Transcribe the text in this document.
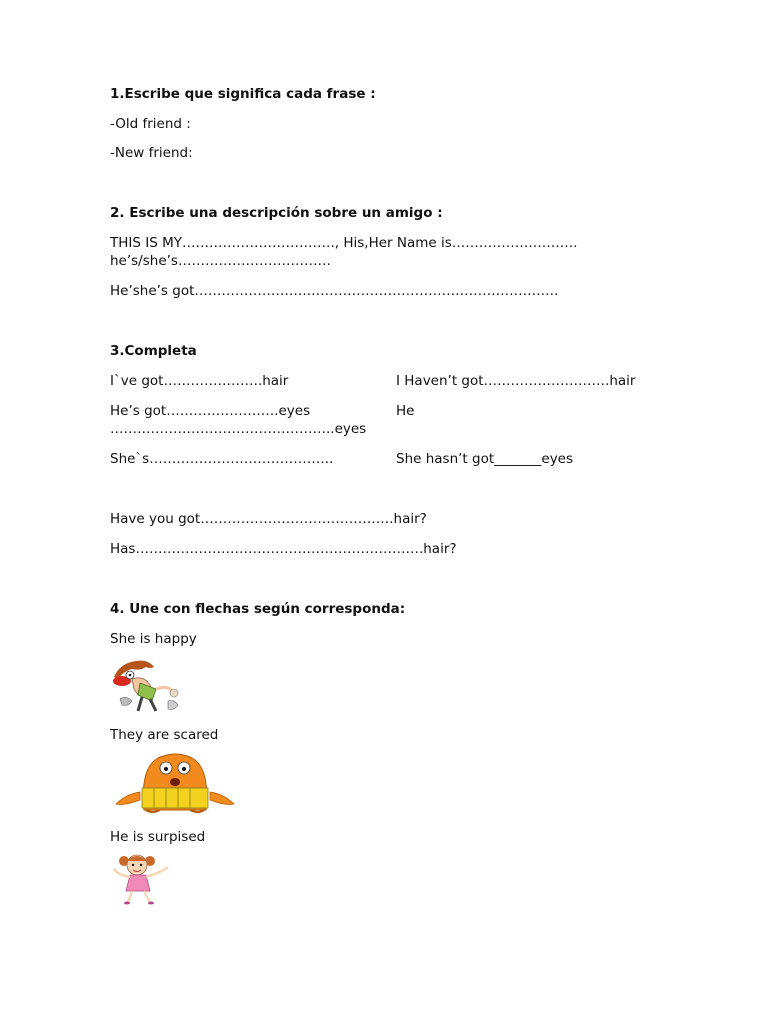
1.Escribe que significa cada frase :
-Old friend :
-New friend:
2. Escribe una descripción sobre un amigo :
THIS IS MY……………………………., His,Her Name is……………………….
he’s/she’s…………………………….
He’she’s got…………………….………………………………………………..
3.Completa
I`ve got………………….hair	I Haven’t got……………………….hair
He’s got…………………….eyes	He
…………………………………………..eyes
She`s…………………………………..	She hasn’t got_______eyes
Have you got…………………………………….hair?
Has……………………………………………………….hair?
4. Une con flechas según corresponda:
She is happy
They are scared
He is surpised
